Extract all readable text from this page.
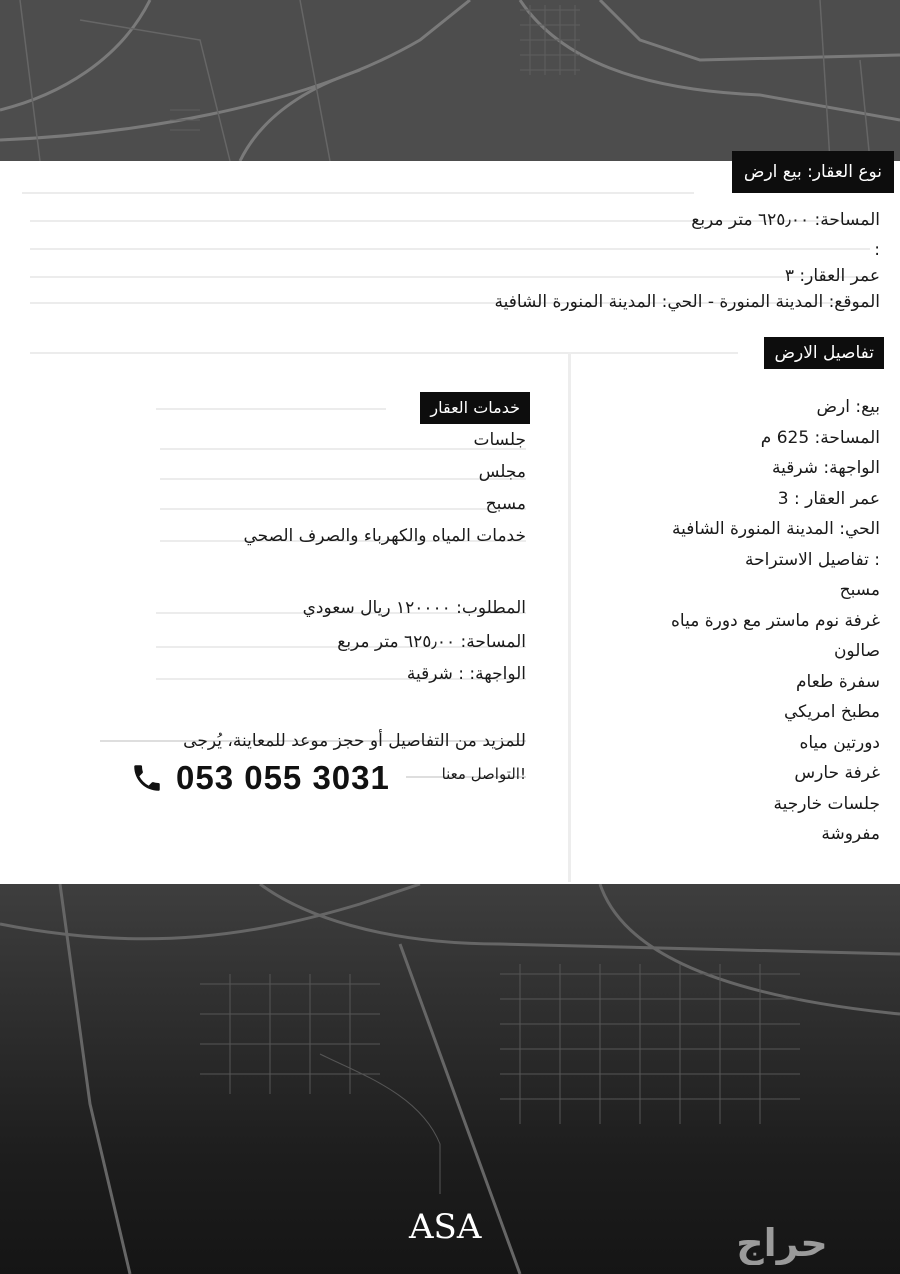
نوع العقار: بيع ارض
المساحة: ٦٢٥٫٠٠ متر مربع
:
عمر العقار: ٣
الموقع: المدينة المنورة - الحي: المدينة المنورة الشافية
تفاصيل الارض
بيع: ارض
المساحة: 625 م
الواجهة: شرقية
عمر العقار : 3
الحي: المدينة المنورة الشافية
: تفاصيل الاستراحة
مسبح
غرفة نوم ماستر مع دورة مياه
صالون
سفرة طعام
مطبخ امريكي
دورتين مياه
غرفة حارس
جلسات خارجية
مفروشة
خدمات العقار
جلسات
مجلس
مسبح
خدمات المياه والكهرباء والصرف الصحي
المطلوب: ١٢٠٠٠٠ ريال سعودي
المساحة: ٦٢٥٫٠٠ متر مربع
الواجهة: : شرقية
للمزيد من التفاصيل أو حجز موعد للمعاينة، يُرجى
!التواصل معنا
053 055 3031
ASA	حراج
